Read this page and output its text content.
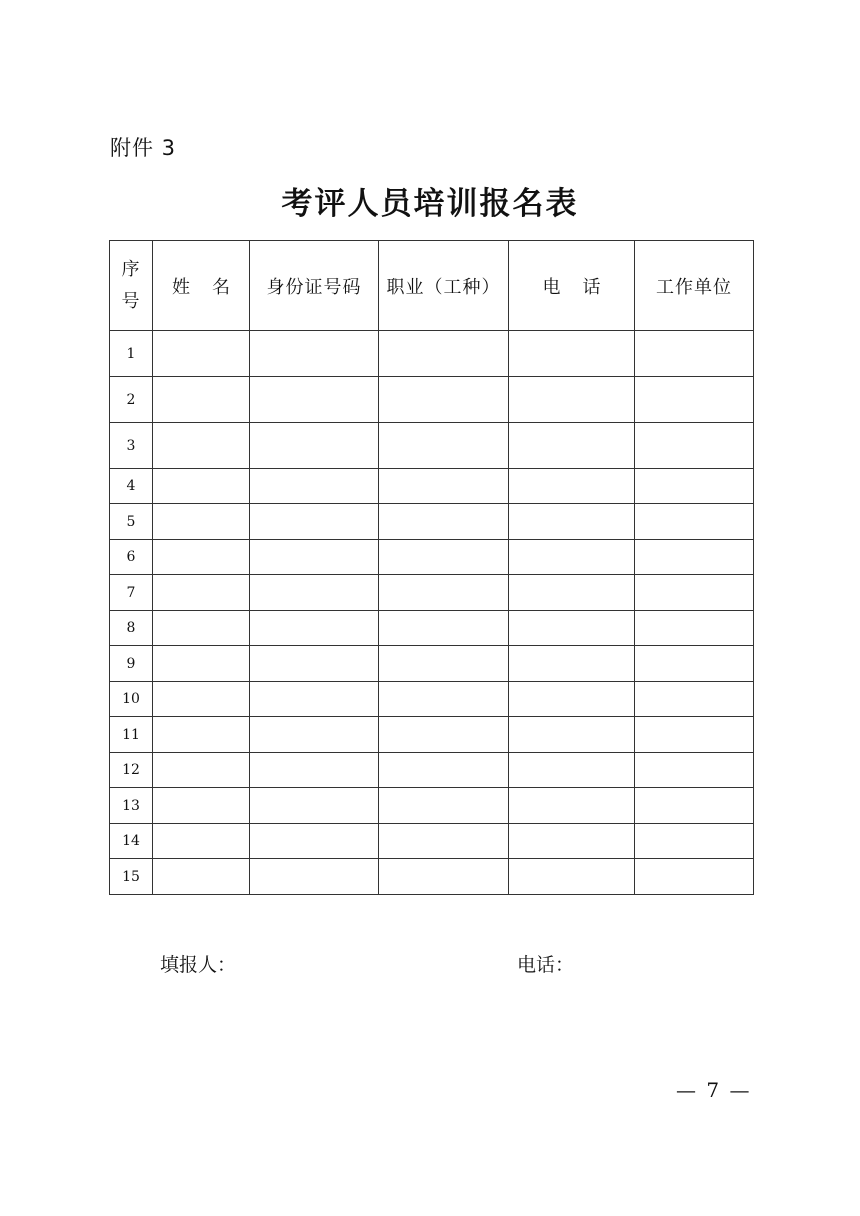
附件 3
考评人员培训报名表
序
号	姓名	身份证号码	职业（工种）	电话	工作单位
1					
2					
3					
4					
5					
6					
7					
8					
9					
10					
11					
12					
13					
14					
15					
填报人：	电话：
— 7 —
